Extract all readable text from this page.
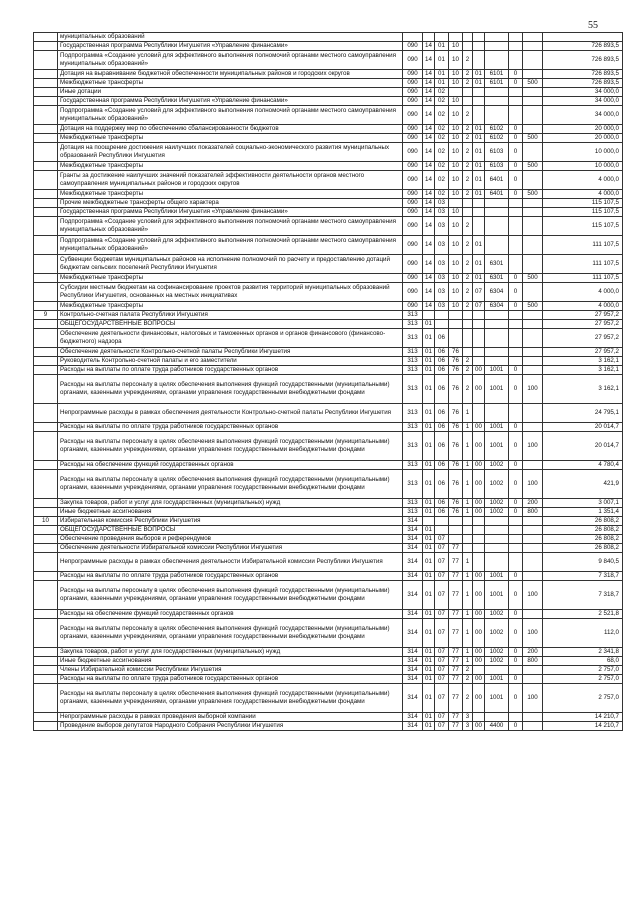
55
	муниципальных образований										
	Государственная программа Республики Ингушетия «Управление финансами»	090	14	01	10						726 893,5
	Подпрограмма «Создание условий для эффективного выполнения полномочий органами местного самоуправления муниципальных образований»	090	14	01	10	2					726 893,5
	Дотация на выравнивание бюджетной обеспеченности муниципальных районов и городских округов	090	14	01	10	2	01	6101	0		726 893,5
	Межбюджетные трансферты	090	14	01	10	2	01	6101	0	500	726 893,5
	Иные дотации	090	14	02							34 000,0
	Государственная программа Республики Ингушетия «Управление финансами»	090	14	02	10						34 000,0
	Подпрограмма «Создание условий для эффективного выполнения полномочий органами местного самоуправления муниципальных образований»	090	14	02	10	2					34 000,0
	Дотация на поддержку мер по обеспечению сбалансированности бюджетов	090	14	02	10	2	01	6102	0		20 000,0
	Межбюджетные трансферты	090	14	02	10	2	01	6102	0	500	20 000,0
	Дотация на поощрение достижения наилучших показателей социально-экономического развития муниципальных образований Республики Ингушетия	090	14	02	10	2	01	6103	0		10 000,0
	Межбюджетные трансферты	090	14	02	10	2	01	6103	0	500	10 000,0
	Гранты за достижение наилучших значений показателей эффективности деятельности органов местного самоуправления муниципальных районов и городских округов	090	14	02	10	2	01	6401	0		4 000,0
	Межбюджетные трансферты	090	14	02	10	2	01	6401	0	500	4 000,0
	Прочие межбюджетные трансферты общего характера	090	14	03							115 107,5
	Государственная программа Республики Ингушетия «Управление финансами»	090	14	03	10						115 107,5
	Подпрограмма «Создание условий для эффективного выполнения полномочий органами местного самоуправления муниципальных образований»	090	14	03	10	2					115 107,5
	Подпрограмма «Создание условий для эффективного выполнения полномочий органами местного самоуправления муниципальных образований»	090	14	03	10	2	01				111 107,5
	Субвенции бюджетам муниципальных районов на исполнение полномочий по расчету и предоставлению дотаций бюджетам сельских поселений Республики Ингушетия	090	14	03	10	2	01	6301			111 107,5
	Межбюджетные трансферты	090	14	03	10	2	01	6301	0	500	111 107,5
	Субсидии местным бюджетам на софинансирование проектов развития территорий муниципальных образований Республики Ингушетия, основанных на местных инициативах	090	14	03	10	2	07	6304	0		4 000,0
	Межбюджетные трансферты	090	14	03	10	2	07	6304	0	500	4 000,0
9	Контрольно-счетная палата Республики Ингушетия	313									27 957,2
	ОБЩЕГОСУДАРСТВЕННЫЕ ВОПРОСЫ	313	01								27 957,2
	Обеспечение деятельности финансовых, налоговых и таможенных органов и органов финансового (финансово-бюджетного) надзора	313	01	06							27 957,2
	Обеспечение деятельности Контрольно-счетной палаты Республики Ингушетия	313	01	06	76						27 957,2
	Руководитель Контрольно-счетной палаты и его заместители	313	01	06	76	2					3 162,1
	Расходы на выплаты по оплате труда работников государственных органов	313	01	06	76	2	00	1001	0		3 162,1
	Расходы на выплаты персоналу в целях обеспечения выполнения функций государственными (муниципальными) органами, казенными учреждениями, органами управления государственными внебюджетными фондами	313	01	06	76	2	00	1001	0	100	3 162,1
	Непрограммные расходы в рамках обеспечения деятельности Контрольно-счетной палаты Республики Ингушетия	313	01	06	76	1					24 795,1
	Расходы на выплаты по оплате труда работников государственных органов	313	01	06	76	1	00	1001	0		20 014,7
	Расходы на выплаты персоналу в целях обеспечения выполнения функций государственными (муниципальными) органами, казенными учреждениями, органами управления государственными внебюджетными фондами	313	01	06	76	1	00	1001	0	100	20 014,7
	Расходы на обеспечение функций государственных органов	313	01	06	76	1	00	1002	0		4 780,4
	Расходы на выплаты персоналу в целях обеспечения выполнения функций государственными (муниципальными) органами, казенными учреждениями, органами управления государственными внебюджетными фондами	313	01	06	76	1	00	1002	0	100	421,9
	Закупка товаров, работ и услуг для государственных (муниципальных) нужд	313	01	06	76	1	00	1002	0	200	3 007,1
	Иные бюджетные ассигнования	313	01	06	76	1	00	1002	0	800	1 351,4
10	Избирательная комиссия Республики Ингушетия	314									26 808,2
	ОБЩЕГОСУДАРСТВЕННЫЕ ВОПРОСЫ	314	01								26 808,2
	Обеспечение проведения выборов и референдумов	314	01	07							26 808,2
	Обеспечение деятельности Избирательной комиссии Республики Ингушетия	314	01	07	77						26 808,2
	Непрограммные расходы в рамках обеспечения деятельности Избирательной комиссии Республики Ингушетия	314	01	07	77	1					9 840,5
	Расходы на выплаты по оплате труда работников государственных органов	314	01	07	77	1	00	1001	0		7 318,7
	Расходы на выплаты персоналу в целях обеспечения выполнения функций государственными (муниципальными) органами, казенными учреждениями, органами управления государственными внебюджетными фондами	314	01	07	77	1	00	1001	0	100	7 318,7
	Расходы на обеспечение функций государственных органов	314	01	07	77	1	00	1002	0		2 521,8
	Расходы на выплаты персоналу в целях обеспечения выполнения функций государственными (муниципальными) органами, казенными учреждениями, органами управления государственными внебюджетными фондами	314	01	07	77	1	00	1002	0	100	112,0
	Закупка товаров, работ и услуг для государственных (муниципальных) нужд	314	01	07	77	1	00	1002	0	200	2 341,8
	Иные бюджетные ассигнования	314	01	07	77	1	00	1002	0	800	68,0
	Члены Избирательной комиссии Республики Ингушетия	314	01	07	77	2					2 757,0
	Расходы на выплаты по оплате труда работников государственных органов	314	01	07	77	2	00	1001	0		2 757,0
	Расходы на выплаты персоналу в целях обеспечения выполнения функций государственными (муниципальными) органами, казенными учреждениями, органами управления государственными внебюджетными фондами	314	01	07	77	2	00	1001	0	100	2 757,0
	Непрограммные расходы в рамках проведения выборной компании	314	01	07	77	3					14 210,7
	Проведение выборов депутатов Народного Собрания Республики Ингушетия	314	01	07	77	3	00	4400	0		14 210,7
